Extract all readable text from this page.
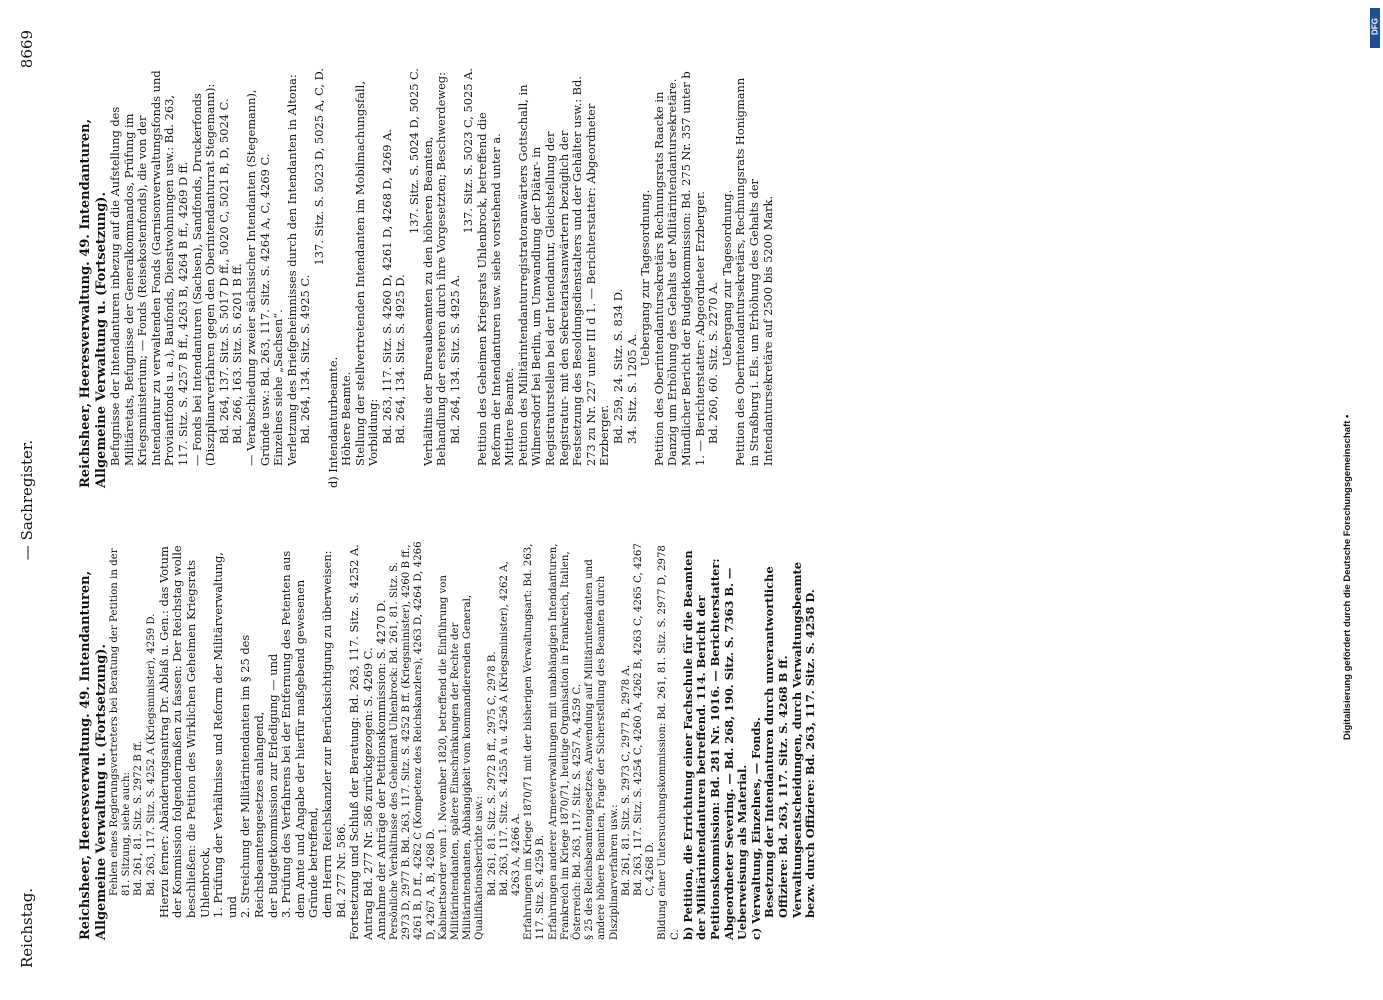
Reichstag.
— Sachregister.
8669

Reichsheer, Heeresverwaltung. 49. Intendanturen, Allgemeine Verwaltung u. (Fortsetzung). Fehlen eines Regierungsvertreters bei Beratung der Petition in der 81. Sitzung, siehe auch: Bd. 261, 81. Sitz. S. 2972 B ff. Bd. 263, 117. Sitz. S. 4252 A (Kriegsminister), 4259 D. Hierzu ferner: Abänderungsantrag Dr. Ablaß u. Gen.: das Votum der Kommission folgendermaßen zu fassen: Der Reichstag wolle beschließen: die Petition des Wirklichen Geheimen Kriegsrats Uhlenbrock, 1. Prüfung der Verhältnisse und Reform der Militärverwaltung, und 2. Streichung der Militärintendanten im § 25 des Reichsbeamtengesetzes anlangend, der Budgetkommission zur Erledigung — und 3. Prüfung des Verfahrens bei der Entfernung des Petenten aus dem Amte und Angabe der hierfür maßgebend gewesenen Gründe betreffend, dem Herrn Reichskanzler zur Berücksichtigung zu überweisen: Bd. 277 Nr. 586. Fortsetzung und Schluß der Beratung: Bd. 263, 117. Sitz. S. 4252 A. Antrag Bd. 277 Nr. 586 zurückgezogen: S. 4269 C. Annahme der Anträge der Petitionskommission: S. 4270 D. Persönliche Verhältnisse des Geheimrat Uhlenbrock: Bd. 261, 81. Sitz. S. 2973 D, 2977 B. Bd. 263, 117. Sitz. S. 4252 B ff. (Kriegsminister), 4260 B ff., 4261 B, D ff., 4262 C (Kompetenz des Reichskanzlers), 4263 D, 4264 D, 4266 D, 4267 A, B, 4268 D. Kabinettsorder vom 1. November 1820, betreffend die Einführung von Militärintendanten, spätere Einschränkungen der Rechte der Militärintendanten, Abhängigkeit vom kommandierenden General, Qualifikationsberichte usw.: Bd. 261, 81. Sitz. S. 2972 B ff., 2975 C, 2978 B. Bd. 263, 117. Sitz. S. 4255 A u. 4256 A (Kriegsminister), 4262 A, 4263 A, 4266 A. Erfahrungen im Kriege 1870/71 mit der bisherigen Verwaltungsart: Bd. 263, 117. Sitz. S. 4259 B. Erfahrungen anderer Armeeverwaltungen mit unabhängigen Intendanturen, Frankreich im Kriege 1870/71, heutige Organisation in Frankreich, Italien, Österreich: Bd. 263, 117. Sitz. S. 4257 A, 4259 C. § 25 des Reichsbeamtengesetzes, Anwendung auf Militärintendanten und andere höhere Beamten, Frage der Sicherstellung des Beamten durch Disziplinarverfahren usw.: Bd. 261, 81. Sitz. S. 2973 C, 2977 B, 2978 A. Bd. 263, 117. Sitz. S. 4254 C, 4260 A, 4262 B, 4263 C, 4265 C, 4267 C, 4268 D. Bildung einer Untersuchungskommission: Bd. 261, 81. Sitz. S. 2977 D, 2978 C. b) Petition, die Errichtung einer Fachschule für die Beamten der Militärintendanturen betreffend. 114. Bericht der Petitionskommission: Bd. 281 Nr. 1016. — Berichterstatter: Abgeordneter Severing. — Bd. 268, 190. Sitz. S. 7363 B. — Ueberweisung als Material. c) Verwaltung, Einzelnes, — Fonds. Besetzung der Intendanturen durch unverantwortliche Offiziere: Bd. 263, 117. Sitz. S. 4268 B ff. Verwaltungsentscheidungen, durch Verwaltungsbeamte bezw. durch Offiziere: Bd. 263, 117. Sitz. S. 4258 D.

Reichsheer, Heeresverwaltung. 49. Intendanturen, Allgemeine Verwaltung u. (Fortsetzung). Befugnisse der Intendanturen inbezug auf die Aufstellung des Militäretats, Befugnisse der Generalkommandos, Prüfung im Kriegsministerium; — Fonds (Reisekostenfonds), die von der Intendantur zu verwaltenden Fonds (Garnisonverwaltungsfonds und Proviantfonds u. a.), Baufonds, Dienstwohnungen usw.: Bd. 263, 117. Sitz. S. 4257 B ff., 4263 B, 4264 B ff., 4269 D ff. — Fonds bei Intendanturen (Sachsen), Sandfonds, Druckerfonds (Disziplinarverfahren gegen den Oberintendanturrat Stegemann): Bd. 264, 137. Sitz. S. 5017 D ff., 5020 C, 5021 B, D, 5024 C. Bd. 266, 163. Sitz. S. 6201 B ff. — Verabschiedung zweier sächsischer Intendanten (Stegemann), Gründe usw.: Bd. 263, 117. Sitz. S. 4264 A, C, 4269 C. Einzelnes siehe „Sachsen“. Verletzung des Briefgeheimnisses durch den Intendanten in Altona: Bd. 264, 134. Sitz. S. 4925 C.

137. Sitz. S. 5023 D, 5025 A, C, D.

d) Intendanturbeamte. Höhere Beamte. Stellung der stellvertretenden Intendanten im Mobilmachungsfall, Vorbildung: Bd. 263, 117. Sitz. S. 4260 D, 4261 D, 4268 D, 4269 A. Bd. 264, 134. Sitz. S. 4925 D.

137. Sitz. S. 5024 D, 5025 C. Verhältnis der Bureaubeamten zu den höheren Beamten, Behandlung der ersteren durch ihre Vorgesetzten; Beschwerdeweg: Bd. 264, 134. Sitz. S. 4925 A.

137. Sitz. S. 5023 C, 5025 A. Petition des Geheimen Kriegsrats Uhlenbrock, betreffend die Reform der Intendanturen usw. siehe vorstehend unter a. Mittlere Beamte. Petition des Militärintendanturregistratoranwärters Gottschall, in Wilmersdorf bei Berlin, um Umwandlung der Diätar- in Registraturstellen bei der Intendantur, Gleichstellung der Registratur- mit den Sekretariatsanwärtern bezüglich der Festsetzung des Besoldungsdienstalters und der Gehälter usw.: Bd. 273 zu Nr. 227 unter III d 1. — Berichterstatter: Abgeordneter Erzberger. Bd. 259, 24. Sitz. S. 834 D. 34. Sitz. S. 1205 A.

Uebergang zur Tagesordnung. Petition des Oberintendantursekretärs Rechnungsrats Raacke in Danzig um Erhöhung des Gehalts der Militärintendantursekretäre. Mündlicher Bericht der Budgetkommission: Bd. 275 Nr. 357 unter b 1. — Berichterstatter: Abgeordneter Erzberger. Bd. 260, 60. Sitz. S. 2270 A. Uebergang zur Tagesordnung. Petition des Oberintendantursekretärs, Rechnungsrats Honigmann in Straßburg i. Els. um Erhöhung des Gehalts der Intendantursekretäre auf 2500 bis 5200 Mark.

Digitalisierung gefördert durch die Deutsche Forschungsgemeinschaft •
DFG
